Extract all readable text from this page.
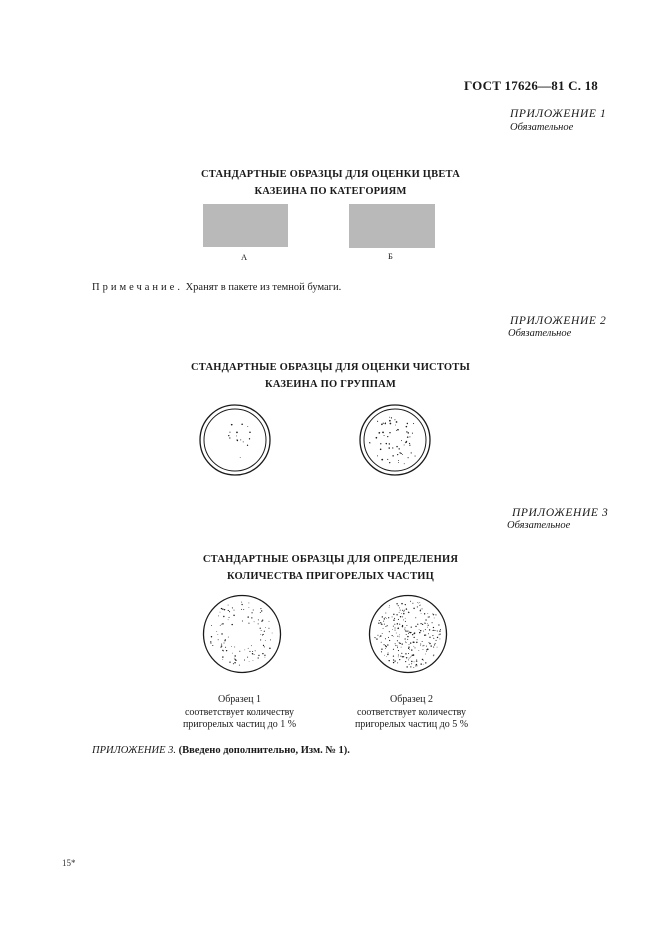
ГОСТ 17626—81 С. 18
ПРИЛОЖЕНИЕ 1
Обязательное
СТАНДАРТНЫЕ ОБРАЗЦЫ ДЛЯ ОЦЕНКИ ЦВЕТА
КАЗЕИНА ПО КАТЕГОРИЯМ
А	Б
Примечание. Хранят в пакете из темной бумаги.
ПРИЛОЖЕНИЕ 2
Обязательное
СТАНДАРТНЫЕ ОБРАЗЦЫ ДЛЯ ОЦЕНКИ ЧИСТОТЫ
КАЗЕИНА ПО ГРУППАМ
ПРИЛОЖЕНИЕ 3
Обязательное
СТАНДАРТНЫЕ ОБРАЗЦЫ ДЛЯ ОПРЕДЕЛЕНИЯ
КОЛИЧЕСТВА ПРИГОРЕЛЫХ ЧАСТИЦ
Образец 1
соответствует количеству
пригорелых частиц до 1 %
Образец 2
соответствует количеству
пригорелых частиц до 5 %
ПРИЛОЖЕНИЕ 3. (Введено дополнительно, Изм. № 1).
15*
